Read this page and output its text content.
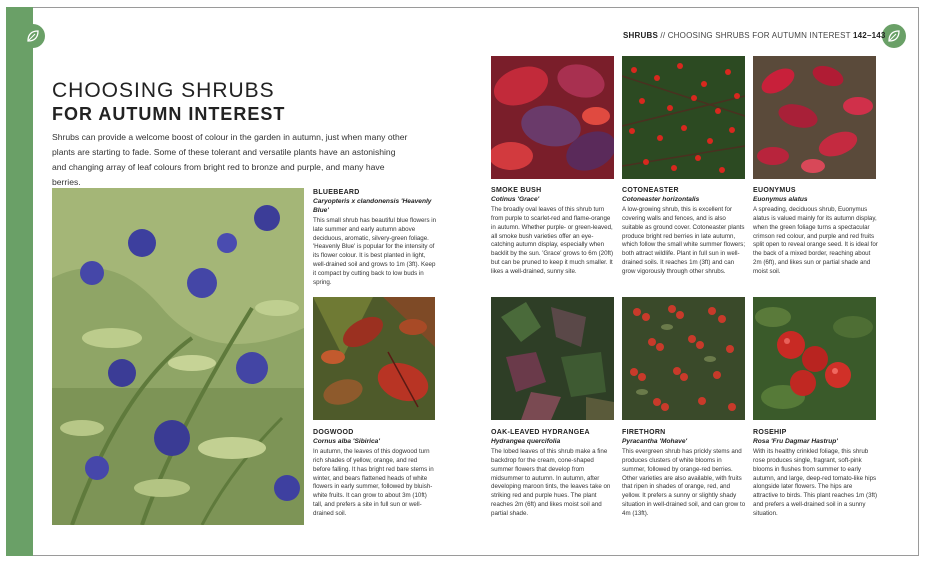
SHRUBS // CHOOSING SHRUBS FOR AUTUMN INTEREST 142–143
CHOOSING SHRUBS
FOR AUTUMN INTEREST
Shrubs can provide a welcome boost of colour in the garden in autumn, just when many other plants are starting to fade. Some of these tolerant and versatile plants have an astonishing and changing array of leaf colours from bright red to bronze and purple, and many have berries.
BLUEBEARD
Caryopteris x clandonensis 'Heavenly Blue'
This small shrub has beautiful blue flowers in late summer and early autumn above deciduous, aromatic, silvery-green foliage. 'Heavenly Blue' is popular for the intensity of its flower colour. It is best planted in light, well-drained soil and grows to 1m (3ft). Keep it compact by cutting back to low buds in spring.
DOGWOOD
Cornus alba 'Sibirica'
In autumn, the leaves of this dogwood turn rich shades of yellow, orange, and red before falling. It has bright red bare stems in winter, and bears flattened heads of white flowers in early summer, followed by bluish-white fruits. It can grow to about 3m (10ft) tall, and prefers a site in full sun or well-drained soil.
SMOKE BUSH
Cotinus 'Grace'
The broadly oval leaves of this shrub turn from purple to scarlet-red and flame-orange in autumn. Whether purple- or green-leaved, all smoke bush varieties offer an eye-catching autumn display, especially when backlit by the sun. 'Grace' grows to 6m (20ft) but can be pruned to keep it much smaller. It likes a well-drained, sunny site.
COTONEASTER
Cotoneaster horizontalis
A low-growing shrub, this is excellent for covering walls and fences, and is also suitable as ground cover. Cotoneaster plants produce bright red berries in late autumn, which follow the small white summer flowers; both attract wildlife. Plant in full sun in well-drained soils. It reaches 1m (3ft) and can grow vigorously through other shrubs.
EUONYMUS
Euonymus alatus
A spreading, deciduous shrub, Euonymus alatus is valued mainly for its autumn display, when the green foliage turns a spectacular crimson red colour, and purple and red fruits split open to reveal orange seed. It is ideal for the back of a mixed border, reaching about 2m (6ft), and likes sun or partial shade and moist soil.
OAK-LEAVED HYDRANGEA
Hydrangea quercifolia
The lobed leaves of this shrub make a fine backdrop for the cream, cone-shaped summer flowers that develop from midsummer to autumn. In autumn, after developing maroon tints, the leaves take on striking red and purple hues. The plant reaches 2m (6ft) and likes moist soil and partial shade.
FIRETHORN
Pyracantha 'Mohave'
This evergreen shrub has prickly stems and produces clusters of white blooms in summer, followed by orange-red berries. Other varieties are also available, with fruits that ripen in shades of orange, red, and yellow. It prefers a sunny or slightly shady situation in well-drained soil, and can grow to 4m (13ft).
ROSEHIP
Rosa 'Fru Dagmar Hastrup'
With its healthy crinkled foliage, this shrub rose produces single, fragrant, soft-pink blooms in flushes from summer to early autumn, and large, deep-red tomato-like hips alongside later flowers. The hips are attractive to birds. This plant reaches 1m (3ft) and prefers a well-drained soil in a sunny situation.
